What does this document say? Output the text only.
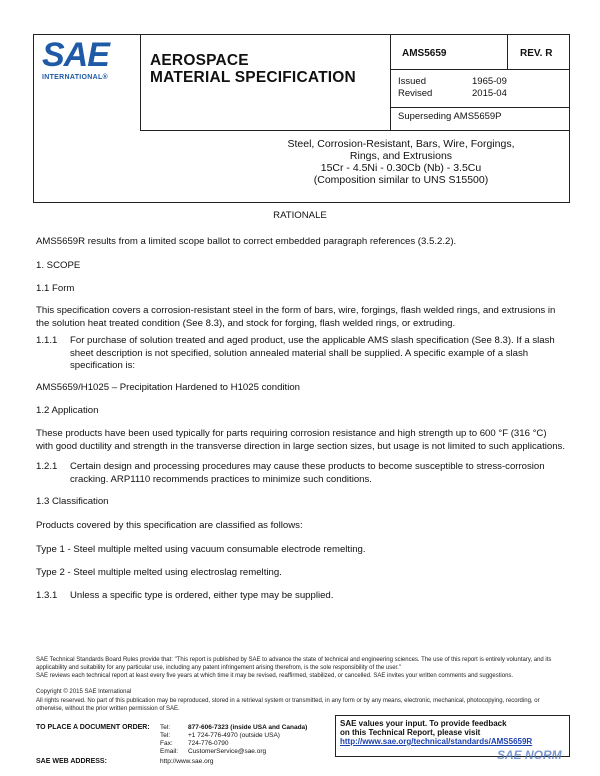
SAE
INTERNATIONAL®
AEROSPACE
MATERIAL SPECIFICATION
AMS5659	REV. R
Issued	1965-09
Revised	2015-04
Superseding AMS5659P
Steel, Corrosion-Resistant, Bars, Wire, Forgings,
Rings, and Extrusions
15Cr - 4.5Ni - 0.30Cb (Nb) - 3.5Cu
(Composition similar to UNS S15500)
RATIONALE
AMS5659R results from a limited scope ballot to correct embedded paragraph references (3.5.2.2).
1. SCOPE
1.1 Form
This specification covers a corrosion-resistant steel in the form of bars, wire, forgings, flash welded rings, and extrusions in the solution heat treated condition (See 8.3), and stock for forging, flash welded rings, or extruding.
1.1.1 For purchase of solution treated and aged product, use the applicable AMS slash specification (See 8.3). If a slash sheet description is not specified, solution annealed material shall be supplied. A specific example of a slash specification is:
AMS5659/H1025 – Precipitation Hardened to H1025 condition
1.2 Application
These products have been used typically for parts requiring corrosion resistance and high strength up to 600 °F (316 °C) with good ductility and strength in the transverse direction in large section sizes, but usage is not limited to such applications.
1.2.1 Certain design and processing procedures may cause these products to become susceptible to stress-corrosion cracking. ARP1110 recommends practices to minimize such conditions.
1.3 Classification
Products covered by this specification are classified as follows:
Type 1 - Steel multiple melted using vacuum consumable electrode remelting.
Type 2 - Steel multiple melted using electroslag remelting.
1.3.1 Unless a specific type is ordered, either type may be supplied.
SAE Technical Standards Board Rules provide that: "This report is published by SAE to advance the state of technical and engineering sciences. The use of this report is entirely voluntary, and its applicability and suitability for any particular use, including any patent infringement arising therefrom, is the sole responsibility of the user."
SAE reviews each technical report at least every five years at which time it may be revised, reaffirmed, stabilized, or cancelled. SAE invites your written comments and suggestions.
Copyright © 2015 SAE International
All rights reserved. No part of this publication may be reproduced, stored in a retrieval system or transmitted, in any form or by any means, electronic, mechanical, photocopying, recording, or otherwise, without the prior written permission of SAE.
TO PLACE A DOCUMENT ORDER: Tel:	877-606-7323 (inside USA and Canada)
Tel:	+1 724-776-4970 (outside USA)
Fax: 724-776-0790
Email: CustomerService@sae.org
SAE WEB ADDRESS:	http://www.sae.org
SAE values your input. To provide feedback
on this Technical Report, please visit
http://www.sae.org/technical/standards/AMS5659R
SAE NORM
